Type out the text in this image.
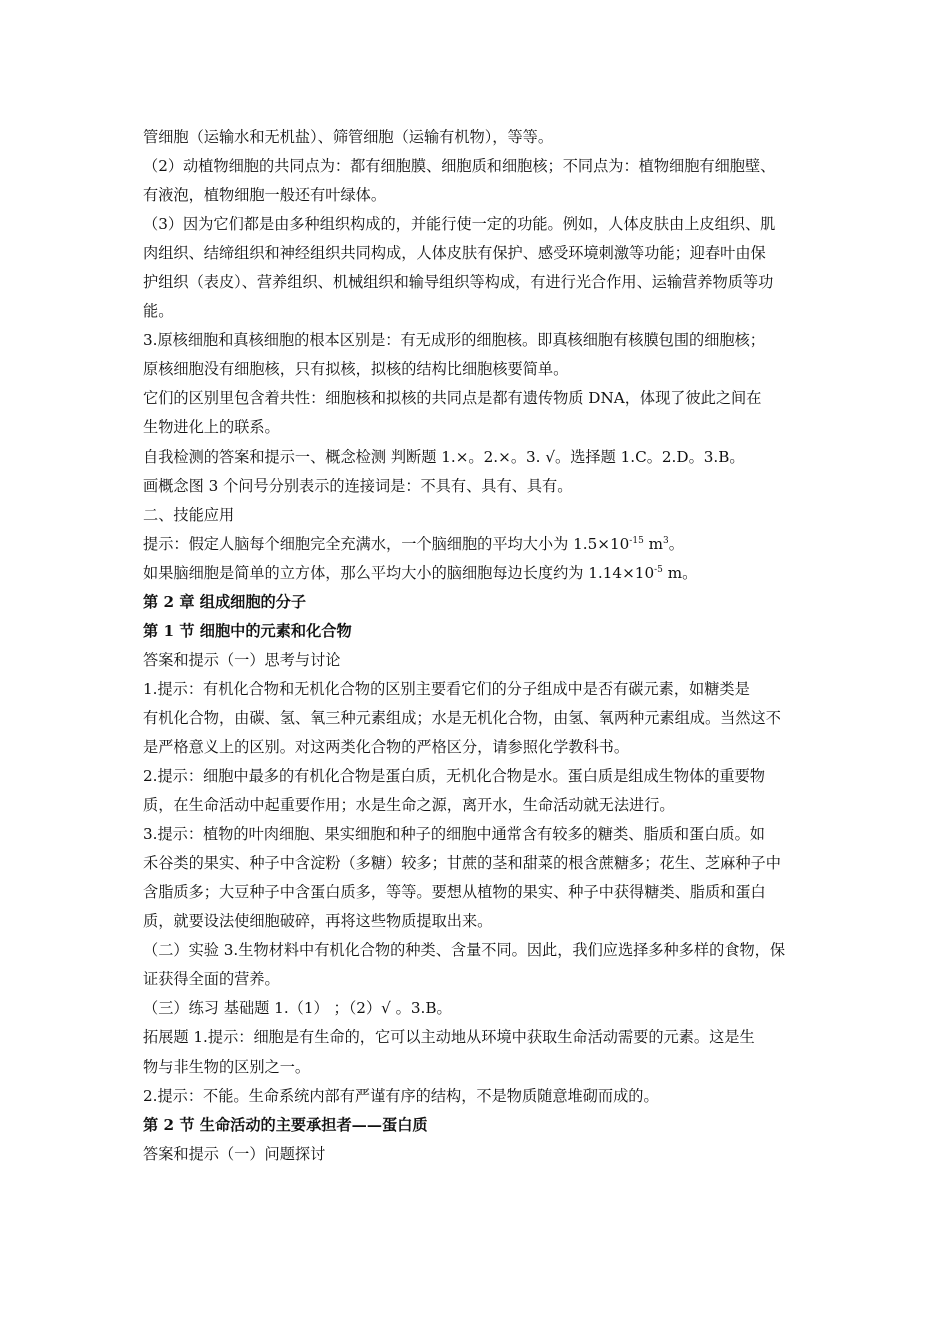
管细胞（运输水和无机盐）、筛管细胞（运输有机物），等等。
（2）动植物细胞的共同点为：都有细胞膜、细胞质和细胞核；不同点为：植物细胞有细胞壁、
有液泡，植物细胞一般还有叶绿体。
（3）因为它们都是由多种组织构成的，并能行使一定的功能。例如，人体皮肤由上皮组织、肌
肉组织、结缔组织和神经组织共同构成，人体皮肤有保护、感受环境刺激等功能；迎春叶由保
护组织（表皮）、营养组织、机械组织和输导组织等构成，有进行光合作用、运输营养物质等功
能。
3.原核细胞和真核细胞的根本区别是：有无成形的细胞核。即真核细胞有核膜包围的细胞核；
原核细胞没有细胞核，只有拟核，拟核的结构比细胞核要简单。
它们的区别里包含着共性：细胞核和拟核的共同点是都有遗传物质 DNA，体现了彼此之间在
生物进化上的联系。
自我检测的答案和提示一、概念检测 判断题 1.×。2.×。3. √。选择题 1.C。2.D。3.B。
画概念图 3 个问号分别表示的连接词是：不具有、具有、具有。
二、技能应用
提示：假定人脑每个细胞完全充满水，一个脑细胞的平均大小为 $1.5\times 10^{-15}$ $m^3$。
如果脑细胞是简单的立方体，那么平均大小的脑细胞每边长度约为 $1.14\times 10^{-5}$ m。
第 2 章 组成细胞的分子
第 1 节 细胞中的元素和化合物
答案和提示（一）思考与讨论
1.提示：有机化合物和无机化合物的区别主要看它们的分子组成中是否有碳元素，如糖类是
有机化合物，由碳、氢、氧三种元素组成；水是无机化合物，由氢、氧两种元素组成。当然这不
是严格意义上的区别。对这两类化合物的严格区分，请参照化学教科书。
2.提示：细胞中最多的有机化合物是蛋白质，无机化合物是水。蛋白质是组成生物体的重要物
质，在生命活动中起重要作用；水是生命之源，离开水，生命活动就无法进行。
3.提示：植物的叶肉细胞、果实细胞和种子的细胞中通常含有较多的糖类、脂质和蛋白质。如
禾谷类的果实、种子中含淀粉（多糖）较多；甘蔗的茎和甜菜的根含蔗糖多；花生、芝麻种子中
含脂质多；大豆种子中含蛋白质多，等等。要想从植物的果实、种子中获得糖类、脂质和蛋白
质，就要设法使细胞破碎，再将这些物质提取出来。
（二）实验 3.生物材料中有机化合物的种类、含量不同。因此，我们应选择多种多样的食物，保
证获得全面的营养。
（三）练习 基础题 1.（1） ；（2）√ 。3.B。
拓展题 1.提示：细胞是有生命的，它可以主动地从环境中获取生命活动需要的元素。这是生
物与非生物的区别之一。
2.提示：不能。生命系统内部有严谨有序的结构，不是物质随意堆砌而成的。
第 2 节 生命活动的主要承担者——蛋白质
答案和提示（一）问题探讨
